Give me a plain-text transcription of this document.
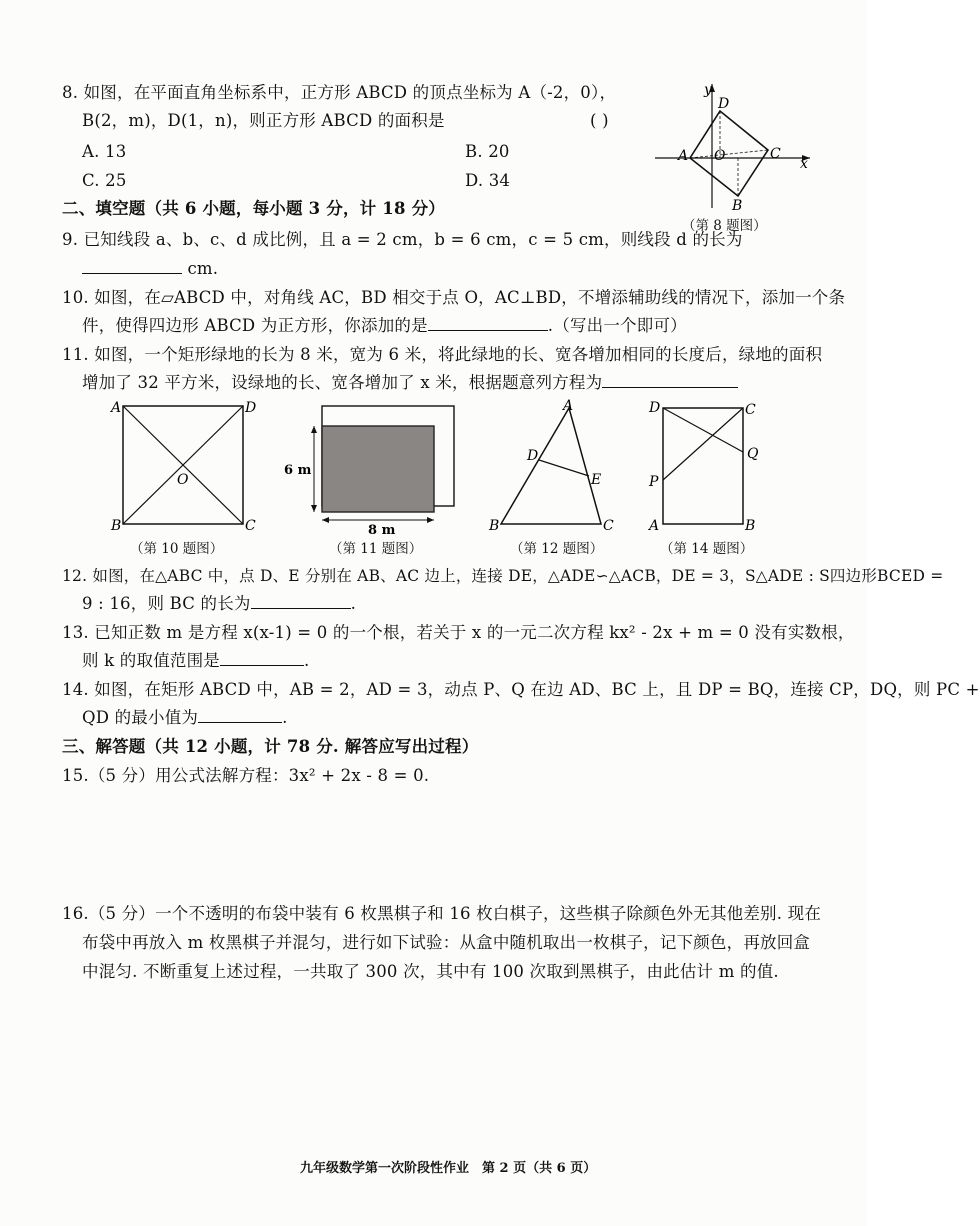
8. 如图，在平面直角坐标系中，正方形 ABCD 的顶点坐标为 A（-2，0），
B(2，m)，D(1，n)，则正方形 ABCD 的面积是	( )
A. 13	B. 20
C. 25	D. 34
y
x
A	C
D
B
O
（第 8 题图）
二、填空题（共 6 小题，每小题 3 分，计 18 分）
9. 已知线段 a、b、c、d 成比例，且 a = 2 cm，b = 6 cm，c = 5 cm，则线段 d 的长为
cm.
10. 如图，在▱ABCD 中，对角线 AC，BD 相交于点 O，AC⊥BD，不增添辅助线的情况下，添加一个条
件，使得四边形 ABCD 为正方形，你添加的是	.（写出一个即可）
11. 如图，一个矩形绿地的长为 8 米，宽为 6 米，将此绿地的长、宽各增加相同的长度后，绿地的面积
增加了 32 平方米，设绿地的长、宽各增加了 x 米，根据题意列方程为
A	D
B	C
O
（第 10 题图）
6 m
8 m
（第 11 题图）
A
B	C
D
E
（第 12 题图）
D	C
A	B
P
Q
（第 14 题图）
12. 如图，在△ABC 中，点 D、E 分别在 AB、AC 边上，连接 DE，△ADE∽△ACB，DE = 3，S△ADE : S四边形BCED =
9 : 16，则 BC 的长为	.
13. 已知正数 m 是方程 x(x-1) = 0 的一个根，若关于 x 的一元二次方程 kx² - 2x + m = 0 没有实数根，
则 k 的取值范围是	.
14. 如图，在矩形 ABCD 中，AB = 2，AD = 3，动点 P、Q 在边 AD、BC 上，且 DP = BQ，连接 CP，DQ，则 PC +
QD 的最小值为	.
三、解答题（共 12 小题，计 78 分. 解答应写出过程）
15.（5 分）用公式法解方程：3x² + 2x - 8 = 0.
16.（5 分）一个不透明的布袋中装有 6 枚黑棋子和 16 枚白棋子，这些棋子除颜色外无其他差别. 现在
布袋中再放入 m 枚黑棋子并混匀，进行如下试验：从盒中随机取出一枚棋子，记下颜色，再放回盒
中混匀. 不断重复上述过程，一共取了 300 次，其中有 100 次取到黑棋子，由此估计 m 的值.
九年级数学第一次阶段性作业　第 2 页（共 6 页）
